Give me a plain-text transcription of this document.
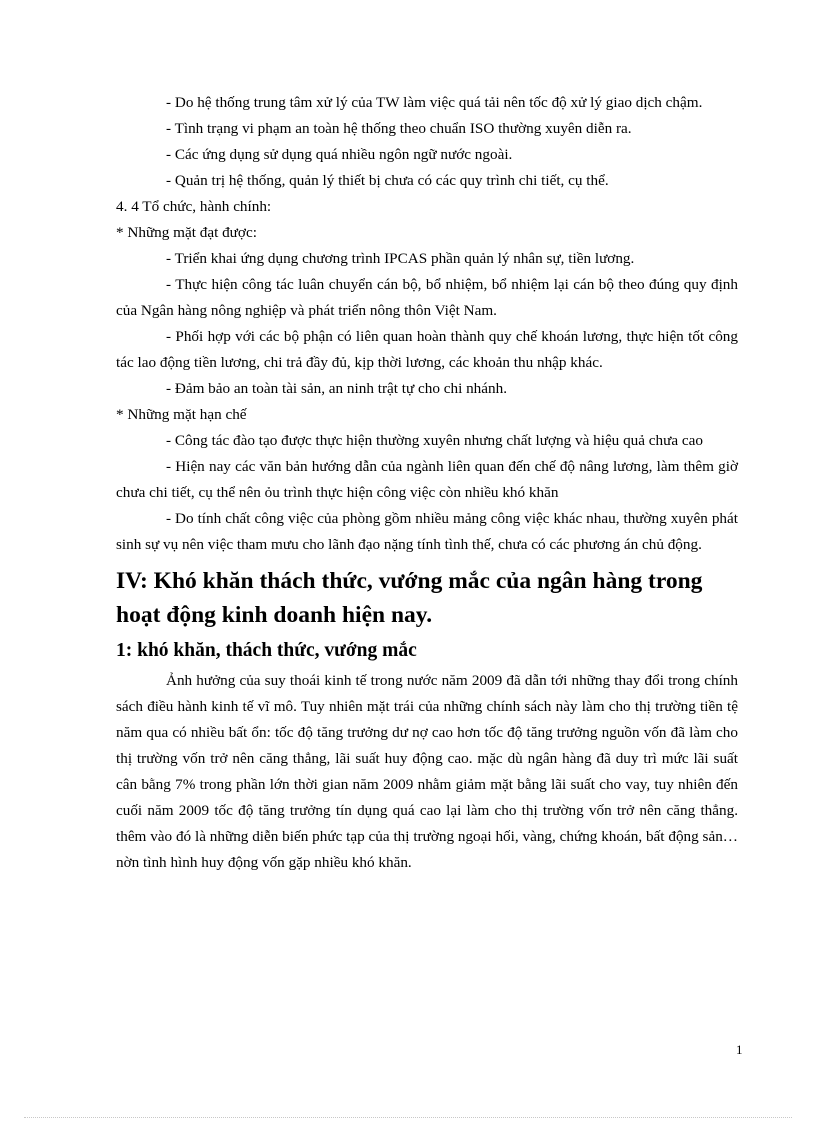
- Do hệ thống trung tâm xử lý của TW làm việc quá tải nên tốc độ xử lý giao dịch chậm.

- Tình trạng vi phạm an toàn hệ thống theo chuẩn ISO thường xuyên diễn ra.

- Các ứng dụng sử dụng quá nhiều ngôn ngữ nước ngoài.

- Quản trị hệ thống, quản lý thiết bị chưa có các quy trình chi tiết, cụ thể.

4. 4 Tổ chức, hành chính:

* Những mặt đạt được:

- Triển khai ứng dụng chương trình IPCAS phần quản lý nhân sự, tiền lương.

- Thực hiện công tác luân chuyển cán bộ, bổ nhiệm, bổ nhiệm lại cán bộ theo đúng quy định của Ngân hàng nông nghiệp và phát triển nông thôn Việt Nam.

- Phối hợp với các bộ phận có liên quan hoàn thành quy chế khoán lương, thực hiện tốt công tác lao động tiền lương, chi trả đầy đủ, kịp thời lương, các khoản thu nhập khác.

- Đảm bảo an toàn tài sản, an ninh trật tự cho chi nhánh.

* Những mặt hạn chế

- Công tác đào tạo được thực hiện thường xuyên nhưng chất lượng và hiệu quả chưa cao

- Hiện nay các văn bản hướng dẫn của ngành liên quan đến chế độ nâng lương, làm thêm giờ chưa chi tiết, cụ thể nên ỏu trình thực hiện công việc còn nhiều khó khăn

- Do tính chất công việc của phòng gồm nhiều mảng công việc khác nhau, thường xuyên phát sinh sự vụ nên việc tham mưu cho lãnh đạo nặng tính tình thế, chưa có các phương án chủ động.

IV: Khó khăn thách thức, vướng mắc của ngân hàng trong hoạt động kinh doanh hiện nay.

1: khó khăn, thách thức, vướng mắc

Ảnh hưởng của suy thoái kinh tế trong nước năm 2009 đã dẫn tới những thay đổi trong chính sách điều hành kinh tế vĩ mô. Tuy nhiên mặt trái của những chính sách này làm cho thị trường tiền tệ năm qua có nhiều bất ổn: tốc độ tăng trưởng dư nợ cao hơn tốc độ tăng trưởng nguồn vốn đã làm cho thị trường vốn trở nên căng thẳng, lãi suất huy động cao. mặc dù ngân hàng đã duy trì mức lãi suất cân bằng 7% trong phần lớn thời gian năm 2009 nhằm giảm mặt bằng lãi suất cho vay, tuy nhiên đến cuối năm 2009 tốc độ tăng trưởng tín dụng quá cao lại làm cho thị trường vốn trở nên căng thẳng. thêm vào đó là những diễn biến phức tạp của thị trường ngoại hối, vàng, chứng khoán, bất động sản…nờn tình hình huy động vốn gặp nhiều khó khăn.

1
